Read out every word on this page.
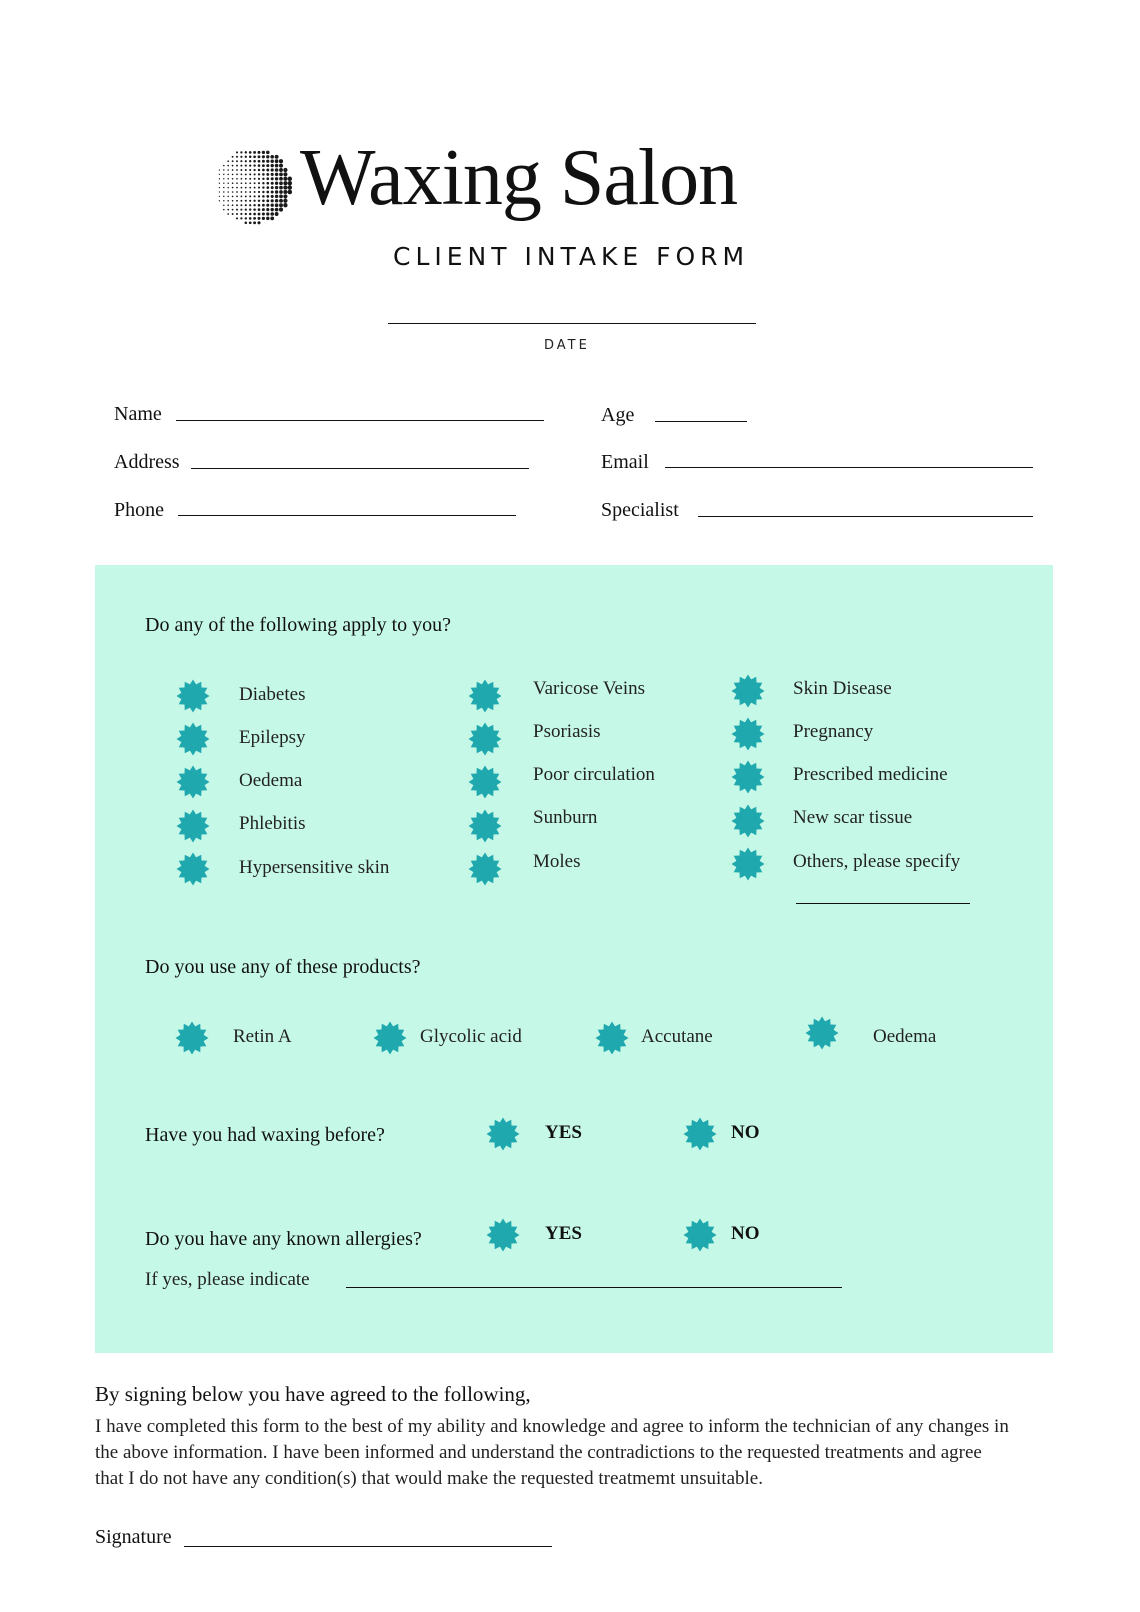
Waxing Salon
CLIENT INTAKE FORM
DATE
Name
Address
Phone
Age
Email
Specialist
Do any of the following apply to you?
Diabetes
Epilepsy
Oedema
Phlebitis
Hypersensitive skin
Varicose Veins
Psoriasis
Poor circulation
Sunburn
Moles
Skin Disease
Pregnancy
Prescribed medicine
New scar tissue
Others, please specify
Do you use any of these products?
Retin A	Glycolic acid	Accutane	Oedema
Have you had waxing before?	YES	NO
Do you have any known allergies?	YES	NO
If yes, please indicate
By signing below you have agreed to the following,
I have completed this form to the best of my ability and knowledge and agree to inform the technician of any changes in the above information. I have been informed and understand the contradictions to the requested treatments and agree that I do not have any condition(s) that would make the requested treatmemt unsuitable.
Signature
